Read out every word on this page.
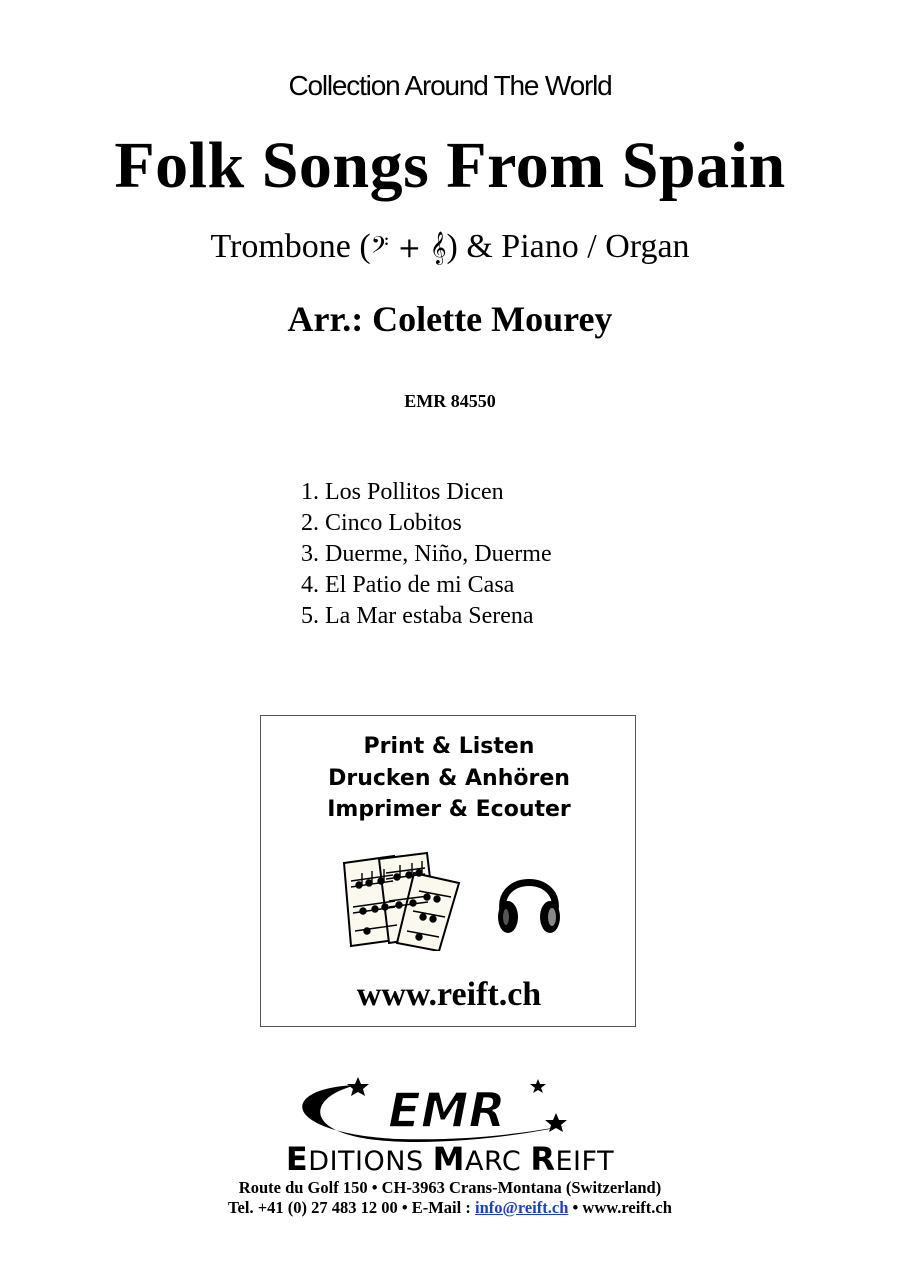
Collection Around The World
Folk Songs From Spain
Trombone (𝄢 + 𝄞) & Piano / Organ
Arr.: Colette Mourey
EMR 84550
1. Los Pollitos Dicen
2. Cinco Lobitos
3. Duerme, Niño, Duerme
4. El Patio de mi Casa
5. La Mar estaba Serena
Print & Listen
Drucken & Anhören
Imprimer & Ecouter
www.reift.ch
EMR
EDITIONS MARC REIFT
Route du Golf 150 • CH-3963 Crans-Montana (Switzerland)
Tel. +41 (0) 27 483 12 00 • E-Mail : info@reift.ch • www.reift.ch
